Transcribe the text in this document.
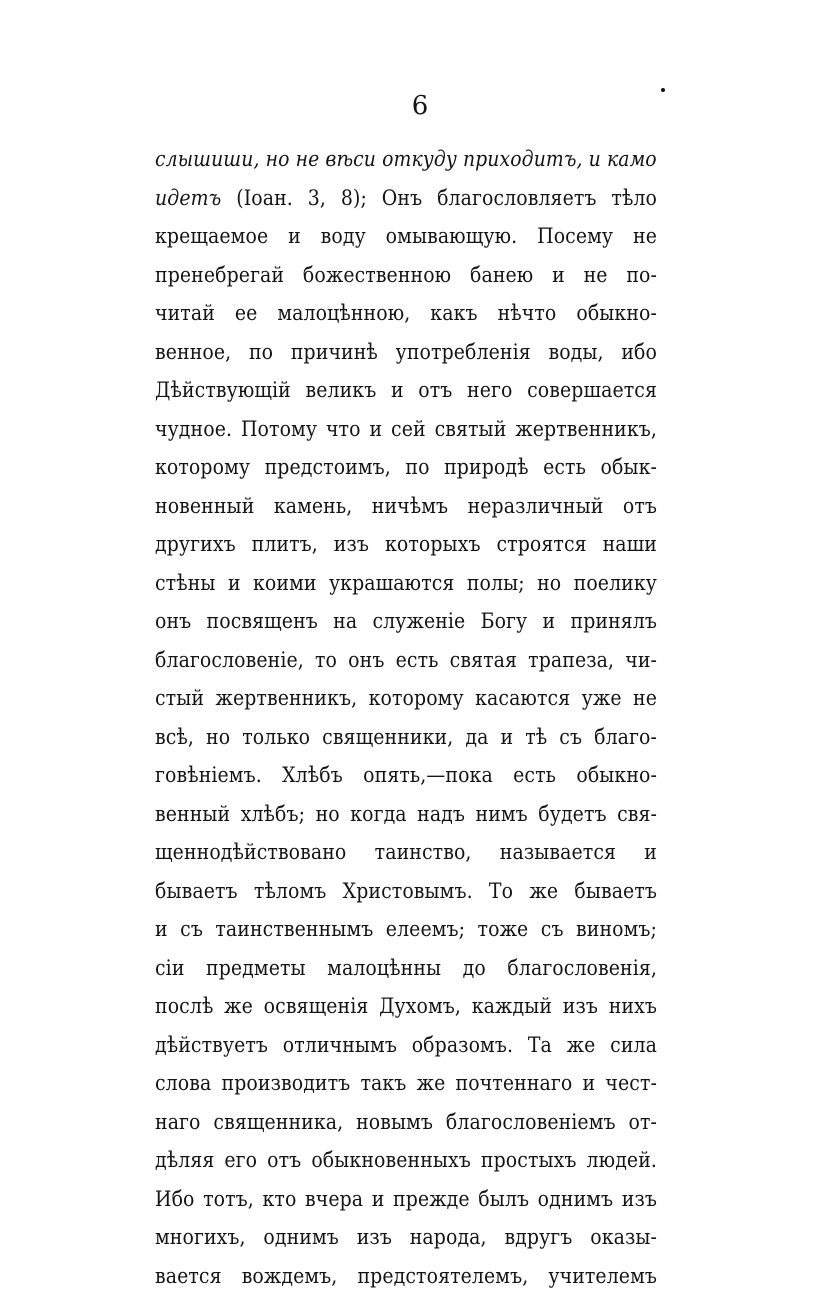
6
слышиши, но не вѣси откуду приходитъ, и камо
идетъ (Іоан. 3, 8); Онъ благословляетъ тѣло
крещаемое и воду омывающую. Посему не
пренебрегай божественною банею и не по-
читай ее малоцѣнною, какъ нѣчто обыкно-
венное, по причинѣ употребленія воды, ибо
Дѣйствующій великъ и отъ него совершается
чудное. Потому что и сей святый жертвенникъ,
которому предстоимъ, по природѣ есть обык-
новенный камень, ничѣмъ неразличный отъ
другихъ плитъ, изъ которыхъ строятся наши
стѣны и коими украшаются полы; но поелику
онъ посвященъ на служеніе Богу и принялъ
благословеніе, то онъ есть святая трапеза, чи-
стый жертвенникъ, которому касаются уже не
всѣ, но только священники, да и тѣ съ благо-
говѣніемъ. Хлѣбъ опять,—пока есть обыкно-
венный хлѣбъ; но когда надъ нимъ будетъ свя-
щеннодѣйствовано таинство, называется и
бываетъ тѣломъ Христовымъ. То же бываетъ
и съ таинственнымъ елеемъ; тоже съ виномъ;
сіи предметы малоцѣнны до благословенія,
послѣ же освященія Духомъ, каждый изъ нихъ
дѣйствуетъ отличнымъ образомъ. Та же сила
слова производитъ такъ же почтеннаго и чест-
наго священника, новымъ благословеніемъ от-
дѣляя его отъ обыкновенныхъ простыхъ людей.
Ибо тотъ, кто вчера и прежде былъ однимъ изъ
многихъ, однимъ изъ народа, вдругъ оказы-
вается вождемъ, предстоятелемъ, учителемъ
